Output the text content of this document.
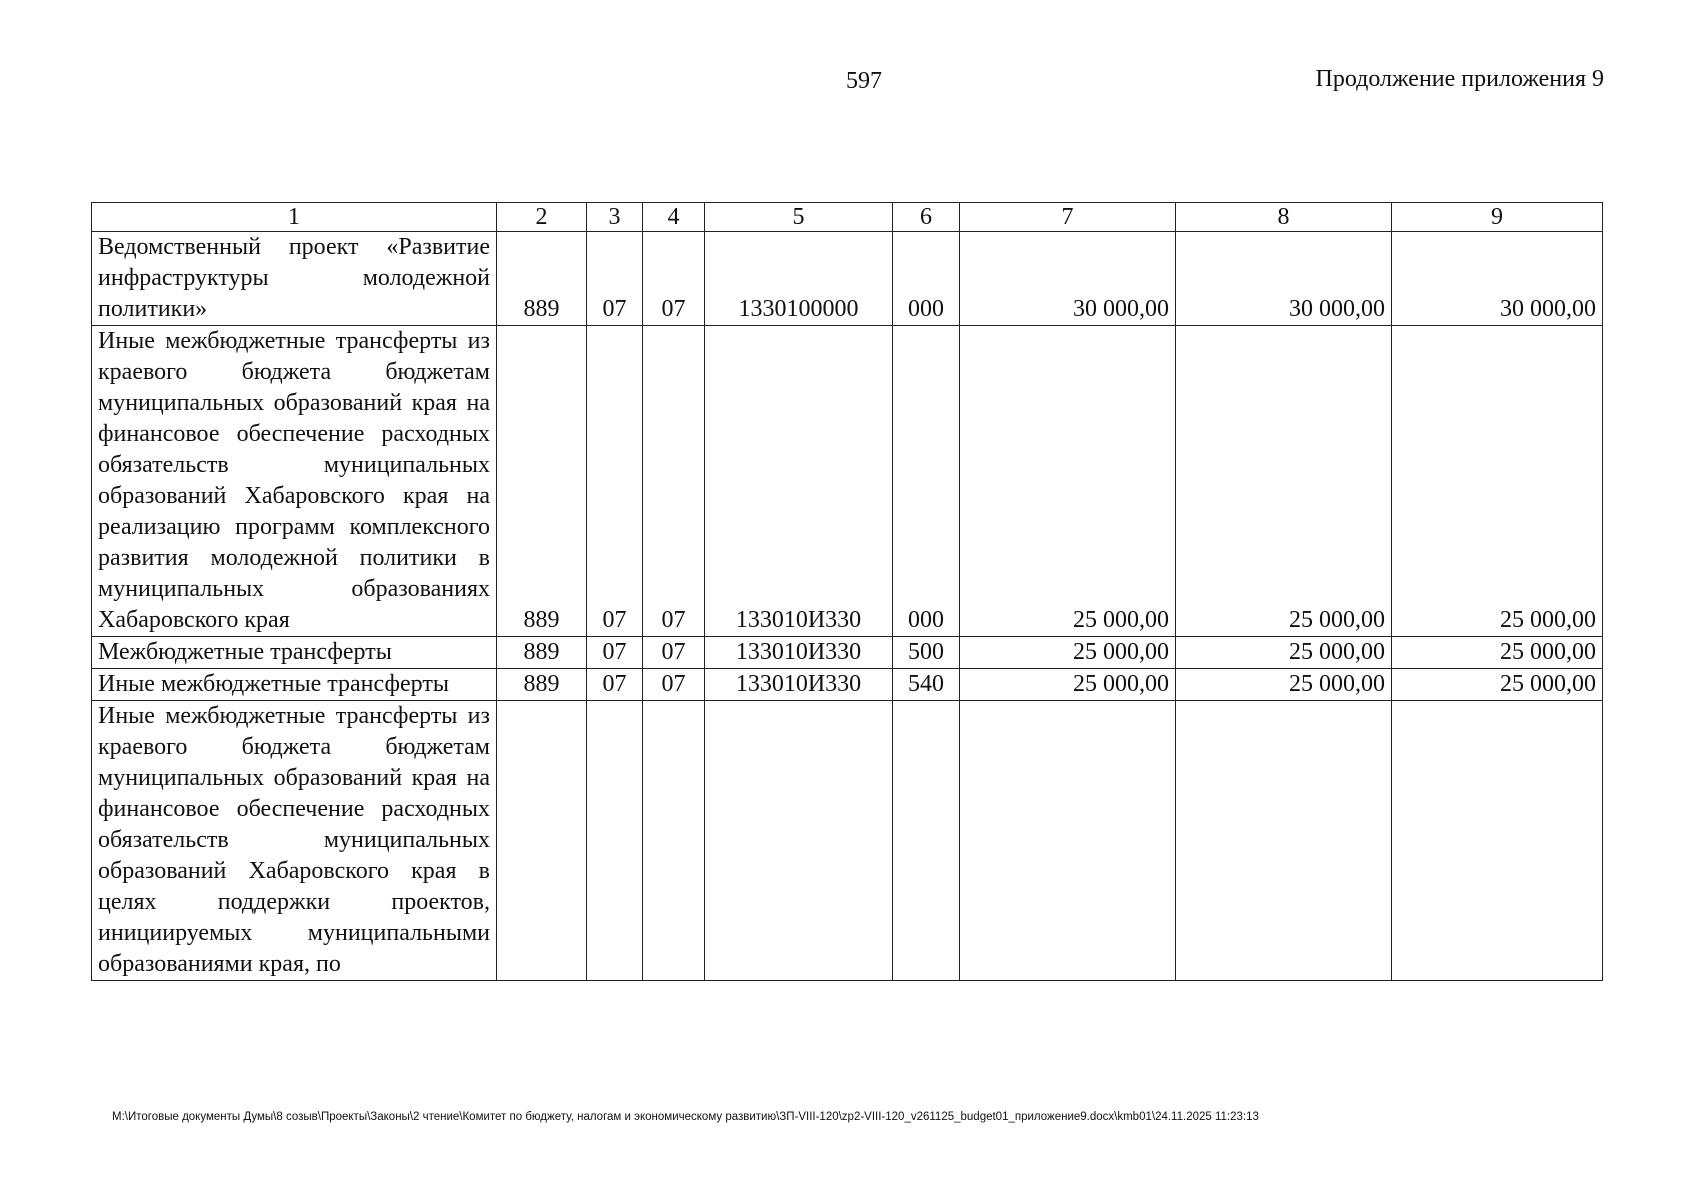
597	Продолжение приложения 9
1	2	3	4	5	6	7	8	9
Ведомственный проект «Развитие инфраструктуры молодежной политики»	889	07	07	1330100000	000	30 000,00	30 000,00	30 000,00
Иные межбюджетные трансферты из краевого бюджета бюджетам муниципальных образований края на финансовое обеспечение расходных обязательств муниципальных образований Хабаровского края на реализацию программ комплексного развития молодежной политики в муниципальных образованиях Хабаровского края	889	07	07	133010И330	000	25 000,00	25 000,00	25 000,00
Межбюджетные трансферты	889	07	07	133010И330	500	25 000,00	25 000,00	25 000,00
Иные межбюджетные трансферты	889	07	07	133010И330	540	25 000,00	25 000,00	25 000,00
Иные межбюджетные трансферты из краевого бюджета бюджетам муниципальных образований края на финансовое обеспечение расходных обязательств муниципальных образований Хабаровского края в целях поддержки проектов, инициируемых муниципальными образованиями края, по								
М:\Итоговые документы Думы\8 созыв\Проекты\Законы\2 чтение\Комитет по бюджету, налогам и экономическому развитию\ЗП-VIII-120\zp2-VIII-120_v261125_budget01_приложение9.docx\kmb01\24.11.2025 11:23:13
